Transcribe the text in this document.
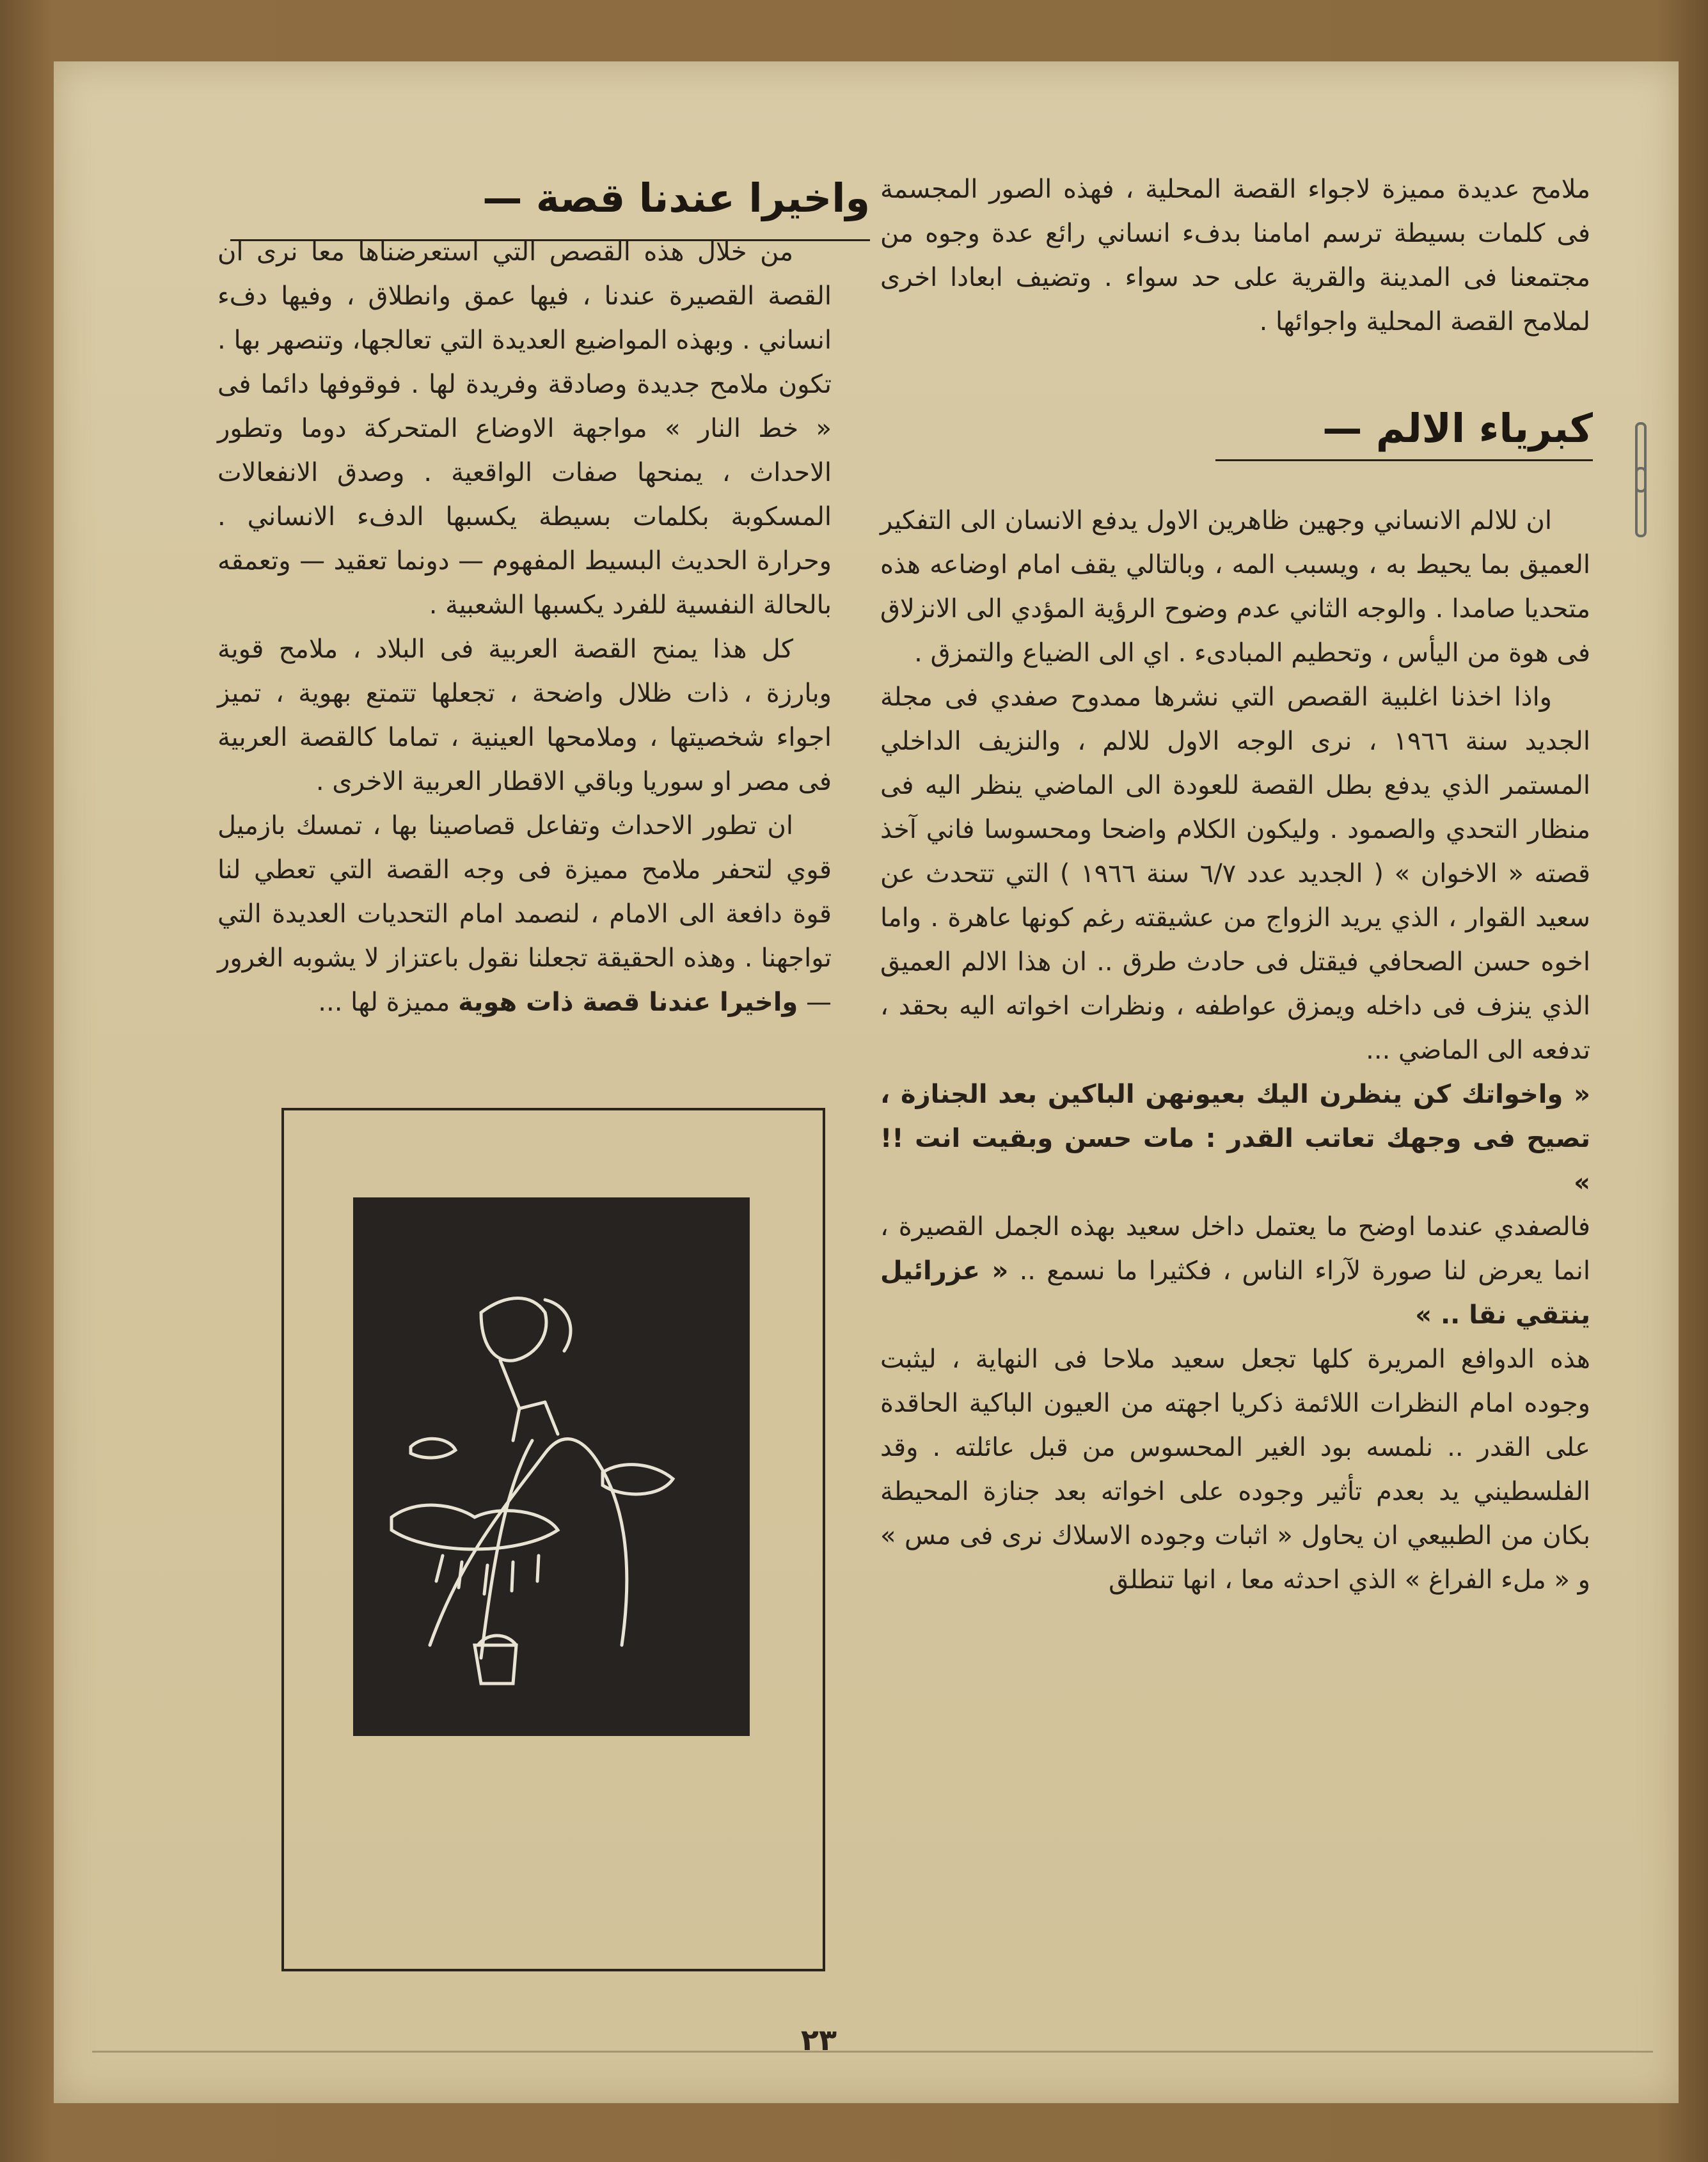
واخيرا عندنا قصة —
كبرياء الالم —

ملامح عديدة مميزة لاجواء القصة المحلية ، فهذه الصور المجسمة فى كلمات بسيطة ترسم امامنا بدفء انساني رائع عدة وجوه من مجتمعنا فى المدينة والقرية على حد سواء . وتضيف ابعادا اخرى لملامح القصة المحلية واجوائها .

ان للالم الانساني وجهين ظاهرين الاول يدفع الانسان الى التفكير العميق بما يحيط به ، ويسبب المه ، وبالتالي يقف امام اوضاعه هذه متحديا صامدا . والوجه الثاني عدم وضوح الرؤية المؤدي الى الانزلاق فى هوة من اليأس ، وتحطيم المبادىء . اي الى الضياع والتمزق .

واذا اخذنا اغلبية القصص التي نشرها ممدوح صفدي فى مجلة الجديد سنة ١٩٦٦ ، نرى الوجه الاول للالم ، والنزيف الداخلي المستمر الذي يدفع بطل القصة للعودة الى الماضي ينظر اليه فى منظار التحدي والصمود . وليكون الكلام واضحا ومحسوسا فاني آخذ قصته « الاخوان » ( الجديد عدد ٦/٧ سنة ١٩٦٦ ) التي تتحدث عن سعيد القوار ، الذي يريد الزواج من عشيقته رغم كونها عاهرة . واما اخوه حسن الصحافي فيقتل فى حادث طرق .. ان هذا الالم العميق الذي ينزف فى داخله ويمزق عواطفه ، ونظرات اخواته اليه بحقد ، تدفعه الى الماضي ...

« واخواتك كن ينظرن اليك بعيونهن الباكين بعد الجنازة ، تصيح فى وجهك تعاتب القدر : مات حسن وبقيت انت !! »

فالصفدي عندما اوضح ما يعتمل داخل سعيد بهذه الجمل القصيرة ، انما يعرض لنا صورة لآراء الناس ، فكثيرا ما نسمع .. « عزرائيل ينتقي نقا .. »

هذه الدوافع المريرة كلها تجعل سعيد ملاحا فى النهاية ، ليثبت وجوده امام النظرات اللائمة ذكريا اجهته من العيون الباكية الحاقدة على القدر .. نلمسه بود الغير المحسوس من قبل عائلته . وقد الفلسطيني يد بعدم تأثير وجوده على اخواته بعد جنازة المحيطة بكان من الطبيعي ان يحاول « اثبات وجوده الاسلاك نرى فى مس » و « ملء الفراغ » الذي احدثه معا ، انها تنطلق

من خلال هذه القصص التي استعرضناها معا نرى ان القصة القصيرة عندنا ، فيها عمق وانطلاق ، وفيها دفء انساني . وبهذه المواضيع العديدة التي تعالجها، وتنصهر بها . تكون ملامح جديدة وصادقة وفريدة لها . فوقوفها دائما فى « خط النار » مواجهة الاوضاع المتحركة دوما وتطور الاحداث ، يمنحها صفات الواقعية . وصدق الانفعالات المسكوبة بكلمات بسيطة يكسبها الدفء الانساني . وحرارة الحديث البسيط المفهوم — دونما تعقيد — وتعمقه بالحالة النفسية للفرد يكسبها الشعبية .

كل هذا يمنح القصة العربية فى البلاد ، ملامح قوية وبارزة ، ذات ظلال واضحة ، تجعلها تتمتع بهوية ، تميز اجواء شخصيتها ، وملامحها العينية ، تماما كالقصة العربية فى مصر او سوريا وباقي الاقطار العربية الاخرى .

ان تطور الاحداث وتفاعل قصاصينا بها ، تمسك بازميل قوي لتحفر ملامح مميزة فى وجه القصة التي تعطي لنا قوة دافعة الى الامام ، لنصمد امام التحديات العديدة التي تواجهنا . وهذه الحقيقة تجعلنا نقول باعتزاز لا يشوبه الغرور — واخيرا عندنا قصة ذات هوية مميزة لها ...

٢٣
